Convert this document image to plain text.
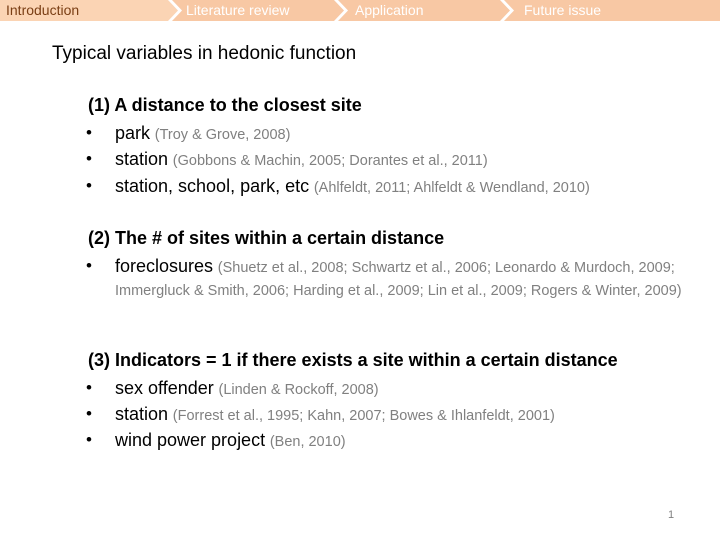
Introduction	Literature review	Application	Future issue
Typical variables in hedonic function
(1) A distance to the closest site
• park (Troy & Grove, 2008)
• station (Gobbons & Machin, 2005; Dorantes et al., 2011)
• station, school, park, etc (Ahlfeldt, 2011; Ahlfeldt & Wendland, 2010)
(2) The # of sites within a certain distance
• foreclosures (Shuetz et al., 2008; Schwartz et al., 2006; Leonardo & Murdoch, 2009; Immergluck & Smith, 2006; Harding et al., 2009; Lin et al., 2009; Rogers & Winter, 2009)
(3) Indicators = 1 if there exists a site within a certain distance
• sex offender (Linden & Rockoff, 2008)
• station (Forrest et al., 1995; Kahn, 2007; Bowes & Ihlanfeldt, 2001)
• wind power project (Ben, 2010)
1
